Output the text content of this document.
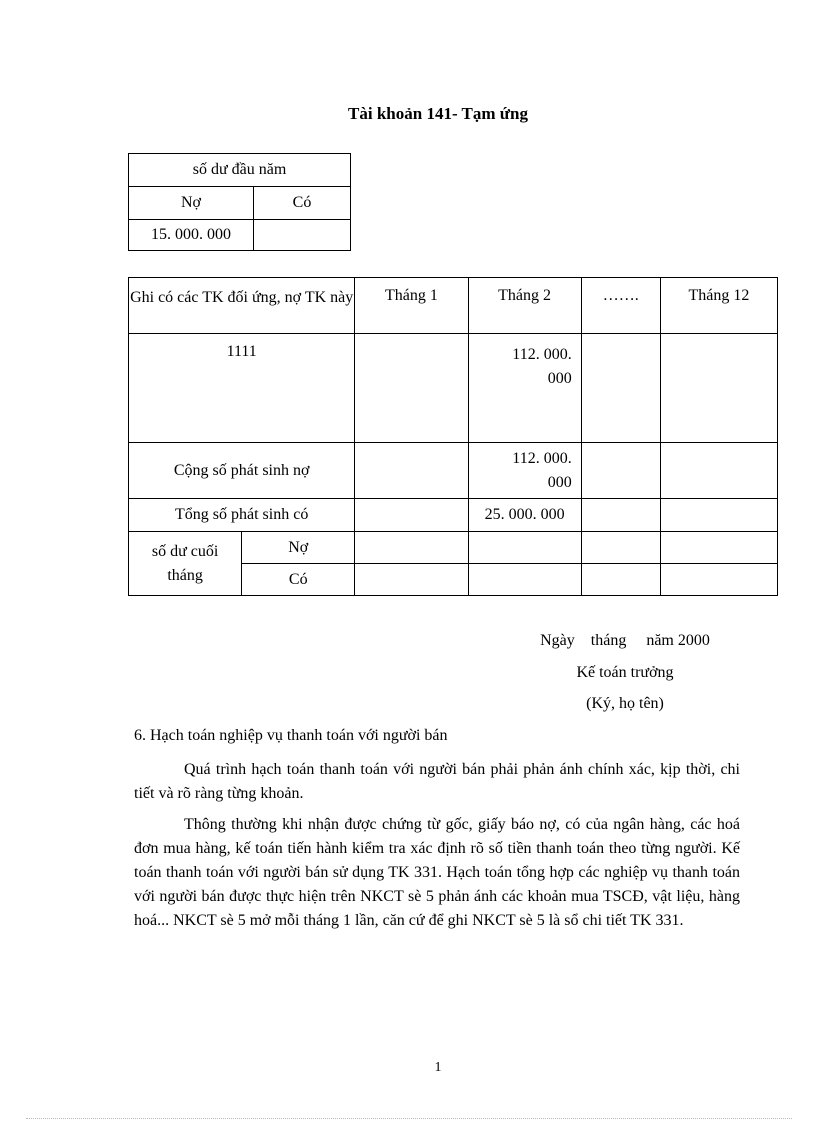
Tài khoản 141- Tạm ứng
số dư đầu năm	
Nợ	Có
15. 000. 000	
Ghi có các TK đối ứng, nợ TK này		Tháng 1	Tháng 2	…….	Tháng 12
1111			112. 000. 000		
Cộng số phát sinh nợ			112. 000. 000		
Tổng số phát sinh có			25. 000. 000		
số dư cuối tháng	Nợ				
	Có				
Ngày    tháng     năm 2000
Kế toán trưởng
(Ký, họ tên)
6. Hạch toán nghiệp vụ thanh toán với người bán
Quá trình hạch toán thanh toán với người bán phải phản ánh chính xác, kịp thời, chi tiết và rõ ràng từng khoản.
Thông thường khi nhận được chứng từ gốc, giấy báo nợ, có của ngân hàng, các hoá đơn mua hàng, kế toán tiến hành kiểm tra xác định rõ số tiền thanh toán theo từng người. Kế toán thanh toán với người bán sử dụng TK 331. Hạch toán tổng hợp các nghiệp vụ thanh toán với người bán được thực hiện trên NKCT sè 5 phản ánh các khoản mua TSCĐ, vật liệu, hàng hoá... NKCT sè 5 mở mỗi tháng 1 lần, căn cứ để ghi NKCT sè 5 là sổ chi tiết TK 331.
1
